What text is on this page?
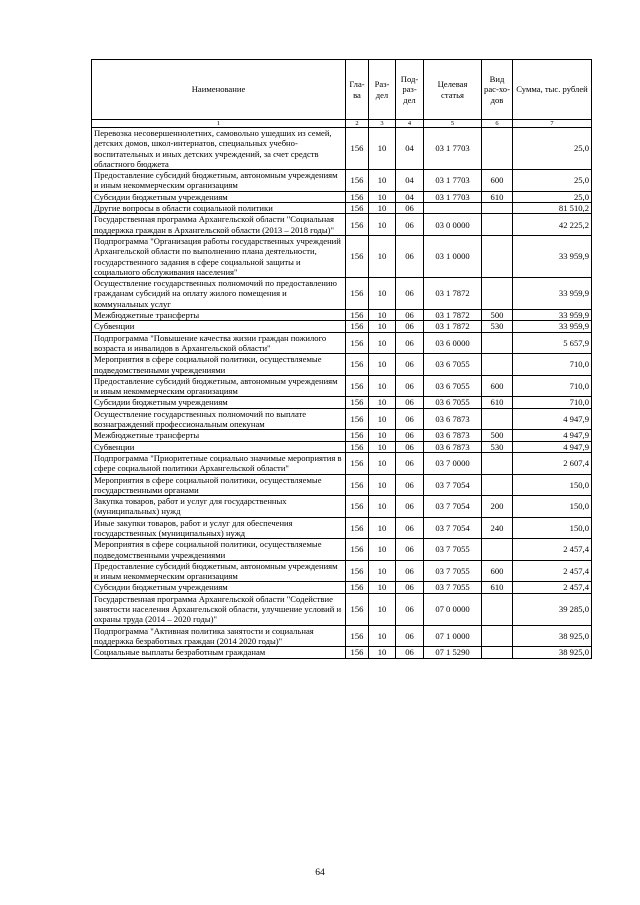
Наименование	Гла-ва	Раз-дел	Под-раз-дел	Целевая статья	Вид рас-хо-дов	Сумма, тыс. рублей
1	2	3	4	5	6	7
Перевозка несовершеннолетних, самовольно ушедших из семей, детских домов, школ-интернатов, специальных учебно-воспитательных и иных детских учреждений, за счет средств областного бюджета	156	10	04	03 1 7703		25,0
Предоставление субсидий бюджетным, автономным учреждениям и иным некоммерческим организациям	156	10	04	03 1 7703	600	25,0
Субсидии бюджетным учреждениям	156	10	04	03 1 7703	610	25,0
Другие вопросы в области социальной политики	156	10	06			81 510,2
Государственная программа Архангельской области "Социальная поддержка граждан в Архангельской области (2013 – 2018 годы)"	156	10	06	03 0 0000		42 225,2
Подпрограмма "Организация работы государственных учреждений Архангельской области по выполнению плана деятельности, государственного задания в сфере социальной защиты и социального обслуживания населения"	156	10	06	03 1 0000		33 959,9
Осуществление государственных полномочий по предоставлению гражданам субсидий на оплату жилого помещения и коммунальных услуг	156	10	06	03 1 7872		33 959,9
Межбюджетные трансферты	156	10	06	03 1 7872	500	33 959,9
Субвенции	156	10	06	03 1 7872	530	33 959,9
Подпрограмма "Повышение качества жизни граждан пожилого возраста и инвалидов в Архангельской области"	156	10	06	03 6 0000		5 657,9
Мероприятия в сфере социальной политики, осуществляемые подведомственными учреждениями	156	10	06	03 6 7055		710,0
Предоставление субсидий бюджетным, автономным учреждениям и иным некоммерческим организациям	156	10	06	03 6 7055	600	710,0
Субсидии бюджетным учреждениям	156	10	06	03 6 7055	610	710,0
Осуществление государственных полномочий по выплате вознаграждений профессиональным опекунам	156	10	06	03 6 7873		4 947,9
Межбюджетные трансферты	156	10	06	03 6 7873	500	4 947,9
Субвенции	156	10	06	03 6 7873	530	4 947,9
Подпрограмма "Приоритетные социально значимые мероприятия в сфере социальной политики Архангельской области"	156	10	06	03 7 0000		2 607,4
Мероприятия в сфере социальной политики, осуществляемые государственными органами	156	10	06	03 7 7054		150,0
Закупка товаров, работ и услуг для государственных (муниципальных) нужд	156	10	06	03 7 7054	200	150,0
Иные закупки товаров, работ и услуг для обеспечения государственных (муниципальных) нужд	156	10	06	03 7 7054	240	150,0
Мероприятия в сфере социальной политики, осуществляемые подведомственными учреждениями	156	10	06	03 7 7055		2 457,4
Предоставление субсидий бюджетным, автономным учреждениям и иным некоммерческим организациям	156	10	06	03 7 7055	600	2 457,4
Субсидии бюджетным учреждениям	156	10	06	03 7 7055	610	2 457,4
Государственная программа Архангельской области "Содействие занятости населения Архангельской области, улучшение условий и охраны труда (2014 – 2020 годы)"	156	10	06	07 0 0000		39 285,0
Подпрограмма "Активная политика занятости и социальная поддержка безработных граждан (2014 2020 годы)"	156	10	06	07 1 0000		38 925,0
Социальные выплаты безработным гражданам	156	10	06	07 1 5290		38 925,0
64
